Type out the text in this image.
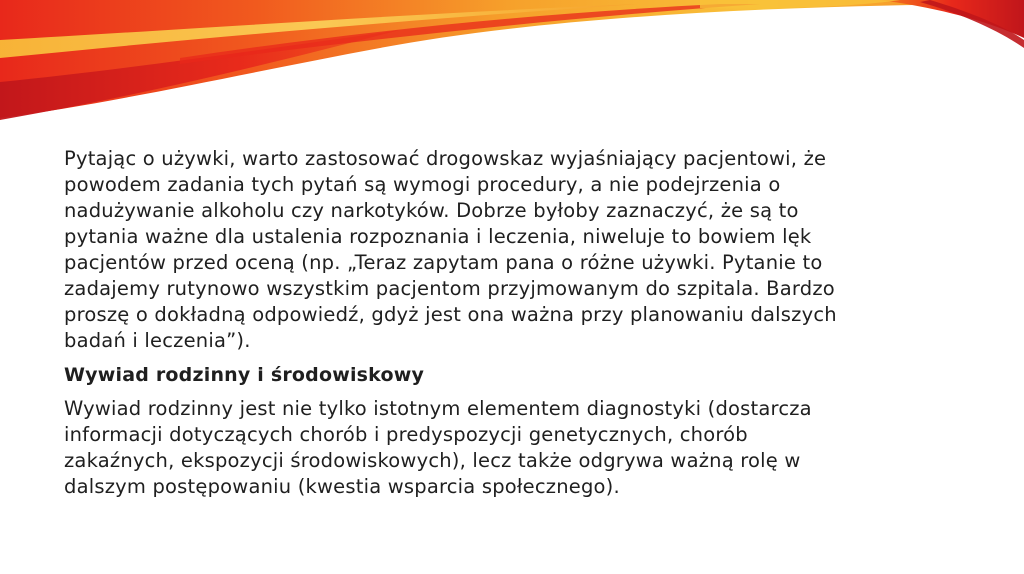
Pytając o używki, warto zastosować drogowskaz wyjaśniający pacjentowi, że
powodem zadania tych pytań są wymogi procedury, a nie podejrzenia o
nadużywanie alkoholu czy narkotyków. Dobrze byłoby zaznaczyć, że są to
pytania ważne dla ustalenia rozpoznania i leczenia, niweluje to bowiem lęk
pacjentów przed oceną (np. „Teraz zapytam pana o różne używki. Pytanie to
zadajemy rutynowo wszystkim pacjentom przyjmowanym do szpitala. Bardzo
proszę o dokładną odpowiedź, gdyż jest ona ważna przy planowaniu dalszych
badań i leczenia”).

Wywiad rodzinny i środowiskowy

Wywiad rodzinny jest nie tylko istotnym elementem diagnostyki (dostarcza
informacji dotyczących chorób i predyspozycji genetycznych, chorób
zakaźnych, ekspozycji środowiskowych), lecz także odgrywa ważną rolę w
dalszym postępowaniu (kwestia wsparcia społecznego).
